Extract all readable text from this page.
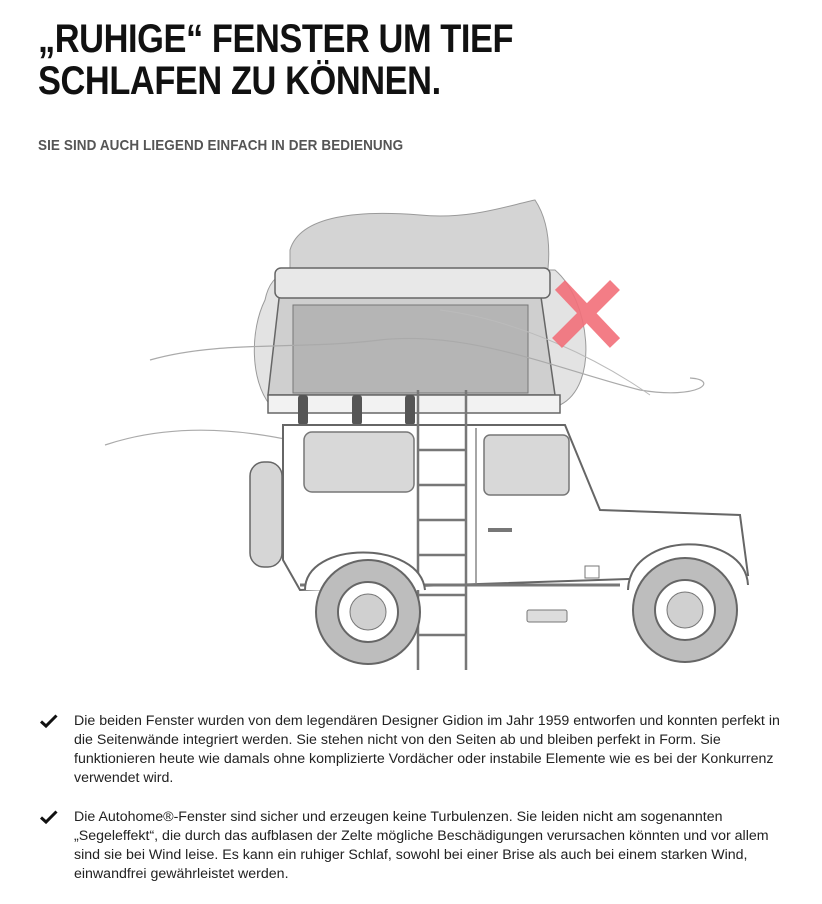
„RUHIGE“ FENSTER UM TIEF SCHLAFEN ZU KÖNNEN.
SIE SIND AUCH LIEGEND EINFACH IN DER BEDIENUNG
Die beiden Fenster wurden von dem legendären Designer Gidion im Jahr 1959 entworfen und konnten perfekt in die Seitenwände integriert werden. Sie stehen nicht von den Seiten ab und bleiben perfekt in Form. Sie funktionieren heute wie damals ohne komplizierte Vordächer oder instabile Elemente wie es bei der Konkurrenz verwendet wird.
Die Autohome®-Fenster sind sicher und erzeugen keine Turbulenzen. Sie leiden nicht am sogenannten „Segeleffekt“, die durch das aufblasen der Zelte mögliche Beschädigungen verursachen könnten und vor allem sind sie bei Wind leise. Es kann ein ruhiger Schlaf, sowohl bei einer Brise als auch bei einem starken Wind, einwandfrei gewährleistet werden.
